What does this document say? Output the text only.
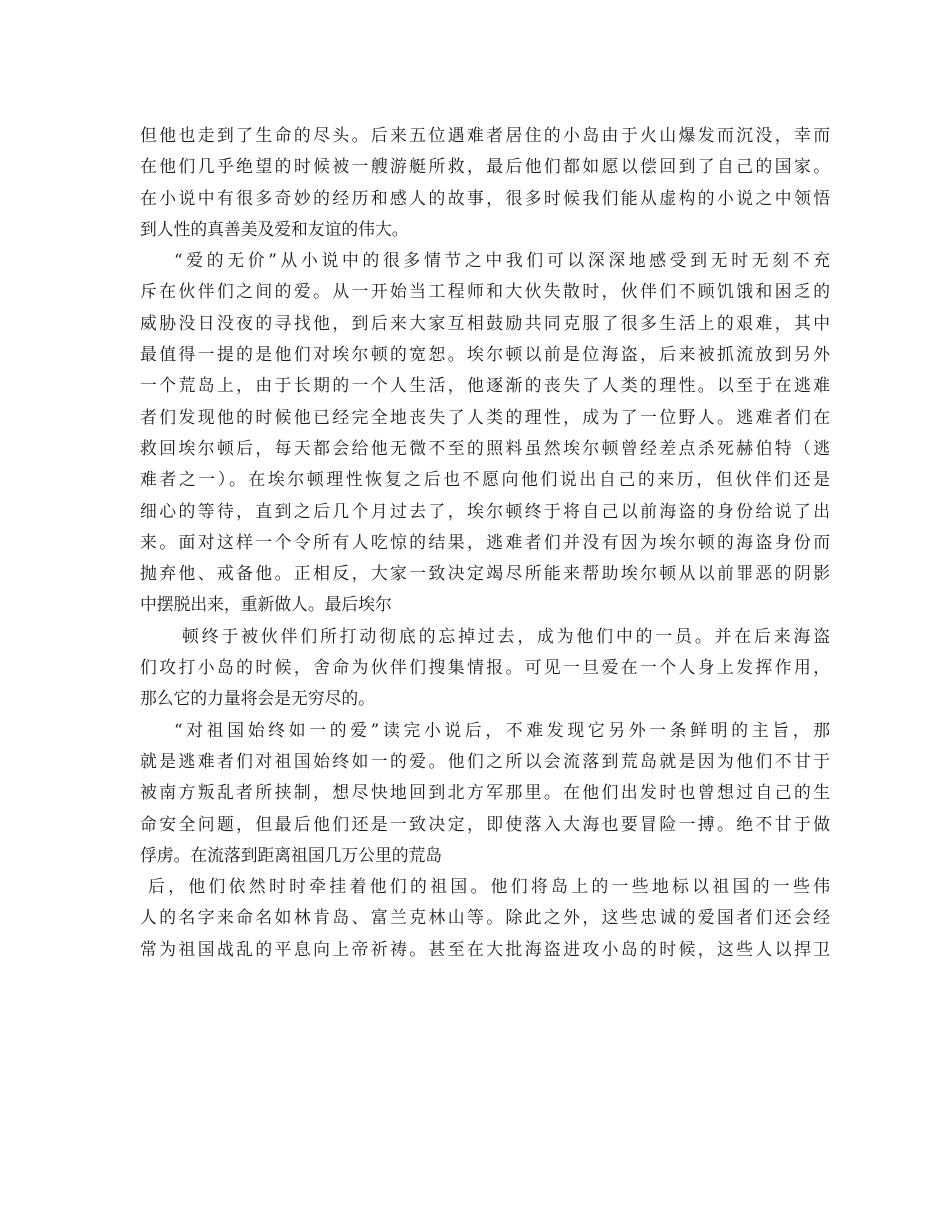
但他也走到了生命的尽头。后来五位遇难者居住的小岛由于火山爆发而沉没，幸而
在他们几乎绝望的时候被一艘游艇所救，最后他们都如愿以偿回到了自己的国家。
在小说中有很多奇妙的经历和感人的故事，很多时候我们能从虚构的小说之中领悟
到人性的真善美及爱和友谊的伟大。
“爱的无价”从小说中的很多情节之中我们可以深深地感受到无时无刻不充
斥在伙伴们之间的爱。从一开始当工程师和大伙失散时，伙伴们不顾饥饿和困乏的
威胁没日没夜的寻找他，到后来大家互相鼓励共同克服了很多生活上的艰难，其中
最值得一提的是他们对埃尔顿的宽恕。埃尔顿以前是位海盗，后来被抓流放到另外
一个荒岛上，由于长期的一个人生活，他逐渐的丧失了人类的理性。以至于在逃难
者们发现他的时候他已经完全地丧失了人类的理性，成为了一位野人。逃难者们在
救回埃尔顿后，每天都会给他无微不至的照料虽然埃尔顿曾经差点杀死赫伯特（逃
难者之一）。在埃尔顿理性恢复之后也不愿向他们说出自己的来历，但伙伴们还是
细心的等待，直到之后几个月过去了，埃尔顿终于将自己以前海盗的身份给说了出
来。面对这样一个令所有人吃惊的结果，逃难者们并没有因为埃尔顿的海盗身份而
抛弃他、戒备他。正相反，大家一致决定竭尽所能来帮助埃尔顿从以前罪恶的阴影
中摆脱出来，重新做人。最后埃尔
顿终于被伙伴们所打动彻底的忘掉过去，成为他们中的一员。并在后来海盗
们攻打小岛的时候，舍命为伙伴们搜集情报。可见一旦爱在一个人身上发挥作用，
那么它的力量将会是无穷尽的。
“对祖国始终如一的爱”读完小说后，不难发现它另外一条鲜明的主旨，那
就是逃难者们对祖国始终如一的爱。他们之所以会流落到荒岛就是因为他们不甘于
被南方叛乱者所挟制，想尽快地回到北方军那里。在他们出发时也曾想过自己的生
命安全问题，但最后他们还是一致决定，即使落入大海也要冒险一搏。绝不甘于做
俘虏。在流落到距离祖国几万公里的荒岛
后，他们依然时时牵挂着他们的祖国。他们将岛上的一些地标以祖国的一些伟
人的名字来命名如林肯岛、富兰克林山等。除此之外，这些忠诚的爱国者们还会经
常为祖国战乱的平息向上帝祈祷。甚至在大批海盗进攻小岛的时候，这些人以捍卫
